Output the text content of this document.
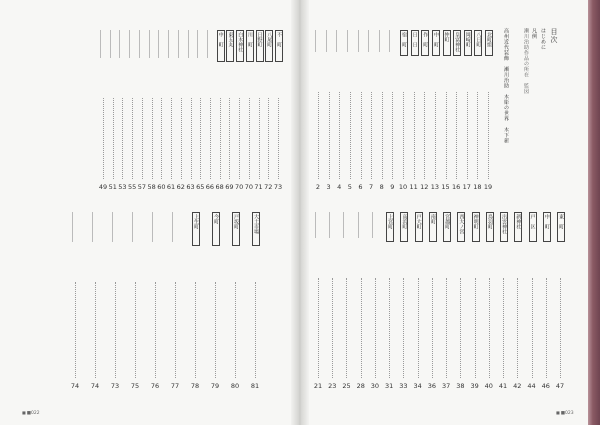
目次
はじめに
凡例
瀬川治助作品の所在　監図
高州近代装飾　瀬川治助　木彫の世界　木下新
北町組
八日町
岡崎町
皇富神社
仲町
中　町
作　町
日　日
宿　町
19
18
17
16
15
13
12
11
10
9
8
7
6
5
4
3
2
東　町
中　町
戸　区
新神社
出雲神社
鳥羽町
神明町
西大ノ宮
宮越町
南町
戸大町
高浜町
上宮町
47
46
44
42
41
40
39
38
37
36
34
33
31
30
28
25
23
21
不　町
八尾町
日野町
川　町
白木神社
東五丸
中　町
73
72
71
70
70
69
68
66
65
63
62
61
60
58
57
55
53
51
49
大土市場
戸坂町
今町
上生町
81
80
79
78
77
76
75
73
74
74
■ ■022
■	■023
